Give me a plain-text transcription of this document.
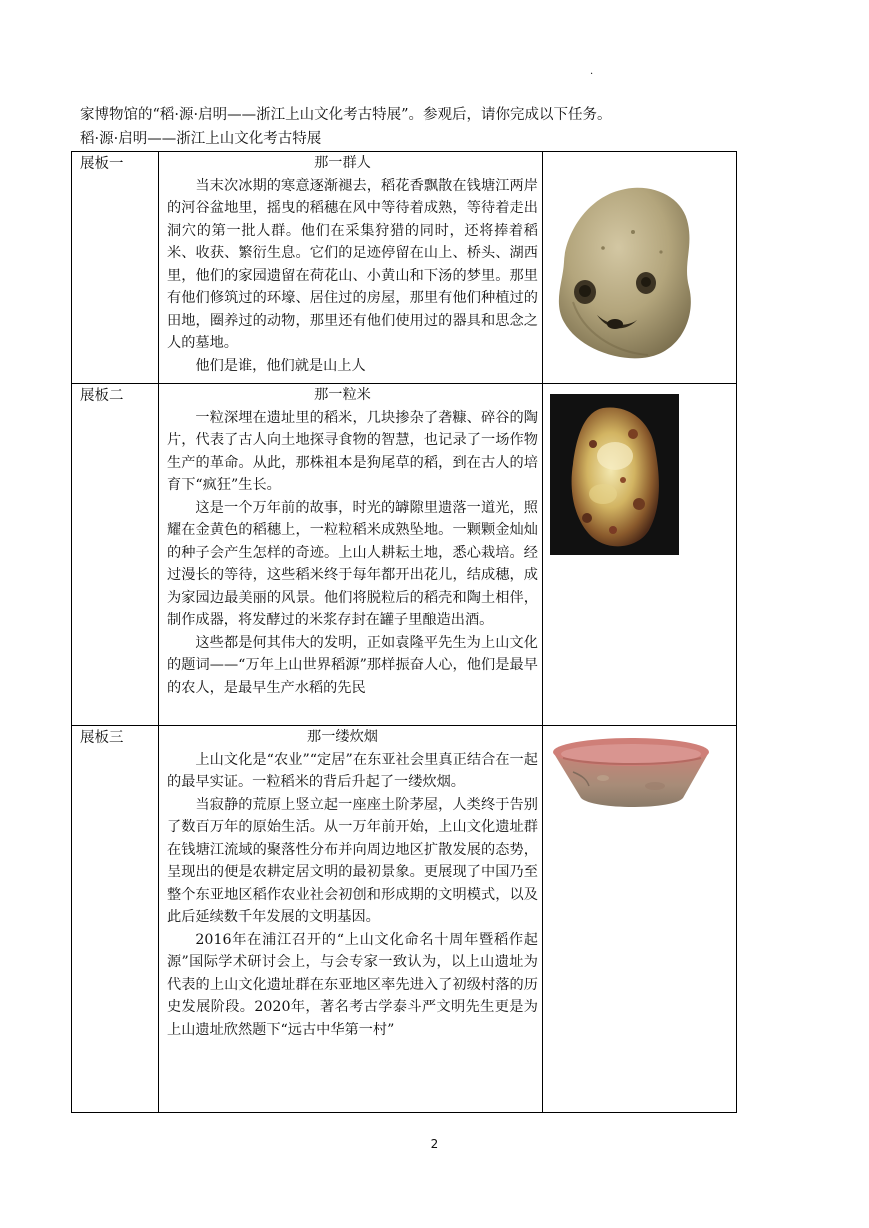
.
家博物馆的“稻·源·启明——浙江上山文化考古特展”。参观后，请你完成以下任务。
稻·源·启明——浙江上山文化考古特展
展板一	那一群人

当末次冰期的寒意逐渐褪去，稻花香飘散在钱塘江两岸的河谷盆地里，摇曳的稻穗在风中等待着成熟，等待着走出洞穴的第一批人群。他们在采集狩猎的同时，还将捧着稻米、收获、繁衍生息。它们的足迹停留在山上、桥头、湖西里，他们的家园遗留在荷花山、小黄山和下汤的梦里。那里有他们修筑过的环壕、居住过的房屋，那里有他们种植过的田地，圈养过的动物，那里还有他们使用过的器具和思念之人的墓地。

他们是谁，他们就是山上人

展板二	那一粒米

一粒深埋在遗址里的稻米，几块掺杂了砻糠、碎谷的陶片，代表了古人向土地探寻食物的智慧，也记录了一场作物生产的革命。从此，那株祖本是狗尾草的稻，到在古人的培育下“疯狂”生长。

这是一个万年前的故事，时光的罅隙里遗落一道光，照耀在金黄色的稻穗上，一粒粒稻米成熟坠地。一颗颗金灿灿的种子会产生怎样的奇迹。上山人耕耘土地，悉心栽培。经过漫长的等待，这些稻米终于每年都开出花儿，结成穗，成为家园边最美丽的风景。他们将脱粒后的稻壳和陶土相伴，制作成器，将发酵过的米浆存封在罐子里酿造出酒。

这些都是何其伟大的发明，正如袁隆平先生为上山文化的题词——“万年上山世界稻源”那样振奋人心，他们是最早的农人，是最早生产水稻的先民

展板三	那一缕炊烟

上山文化是“农业”“定居”在东亚社会里真正结合在一起的最早实证。一粒稻米的背后升起了一缕炊烟。

当寂静的荒原上竖立起一座座土阶茅屋，人类终于告别了数百万年的原始生活。从一万年前开始，上山文化遗址群在钱塘江流域的聚落性分布并向周边地区扩散发展的态势，呈现出的便是农耕定居文明的最初景象。更展现了中国乃至整个东亚地区稻作农业社会初创和形成期的文明模式，以及此后延续数千年发展的文明基因。

2016年在浦江召开的“上山文化命名十周年暨稻作起源”国际学术研讨会上，与会专家一致认为，以上山遗址为代表的上山文化遗址群在东亚地区率先进入了初级村落的历史发展阶段。2020年，著名考古学泰斗严文明先生更是为上山遗址欣然题下“远古中华第一村”

2
